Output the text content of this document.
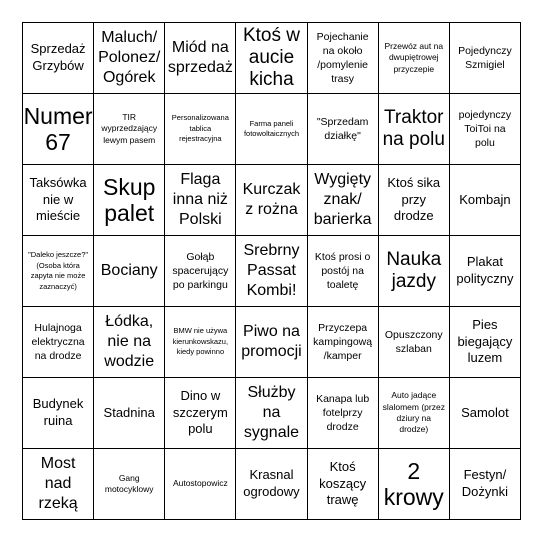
Sprzedaż Grzybów
Maluch/ Polonez/ Ogórek
Miód na sprzedaż
Ktoś w aucie kicha
Pojechanie na około /pomylenie trasy
Przewóz aut na dwupiętrowej przyczepie
Pojedynczy Szmigiel
Numer 67
TIR wyprzedzający lewym pasem
Personalizowana tablica rejestracyjna
Farma paneli fotowoltaicznych
"Sprzedam działkę"
Traktor na polu
pojedynczy ToiToi na polu
Taksówka nie w mieście
Skup palet
Flaga inna niż Polski
Kurczak z rożna
Wygięty znak/ barierka
Ktoś sika przy drodze
Kombajn
"Daleko jeszcze?"(Osoba która zapyta nie może zaznaczyć)
Bociany
Gołąb spacerujący po parkingu
Srebrny Passat Kombi!
Ktoś prosi o postój na toaletę
Nauka jazdy
Plakat polityczny
Hulajnoga elektryczna na drodze
Łódka, nie na wodzie
BMW nie używa kierunkowskazu, kiedy powinno
Piwo na promocji
Przyczepa kampingową /kamper
Opuszczony szlaban
Pies biegający luzem
Budynek ruina
Stadnina
Dino w szczerym polu
Służby na sygnale
Kanapa lub fotelprzy drodze
Auto jadące slalomem (przez dziury na drodze)
Samolot
Most nad rzeką
Gang motocyklowy
Autostopowicz
Krasnal ogrodowy
Ktoś koszący trawę
2 krowy
Festyn/ Dożynki
